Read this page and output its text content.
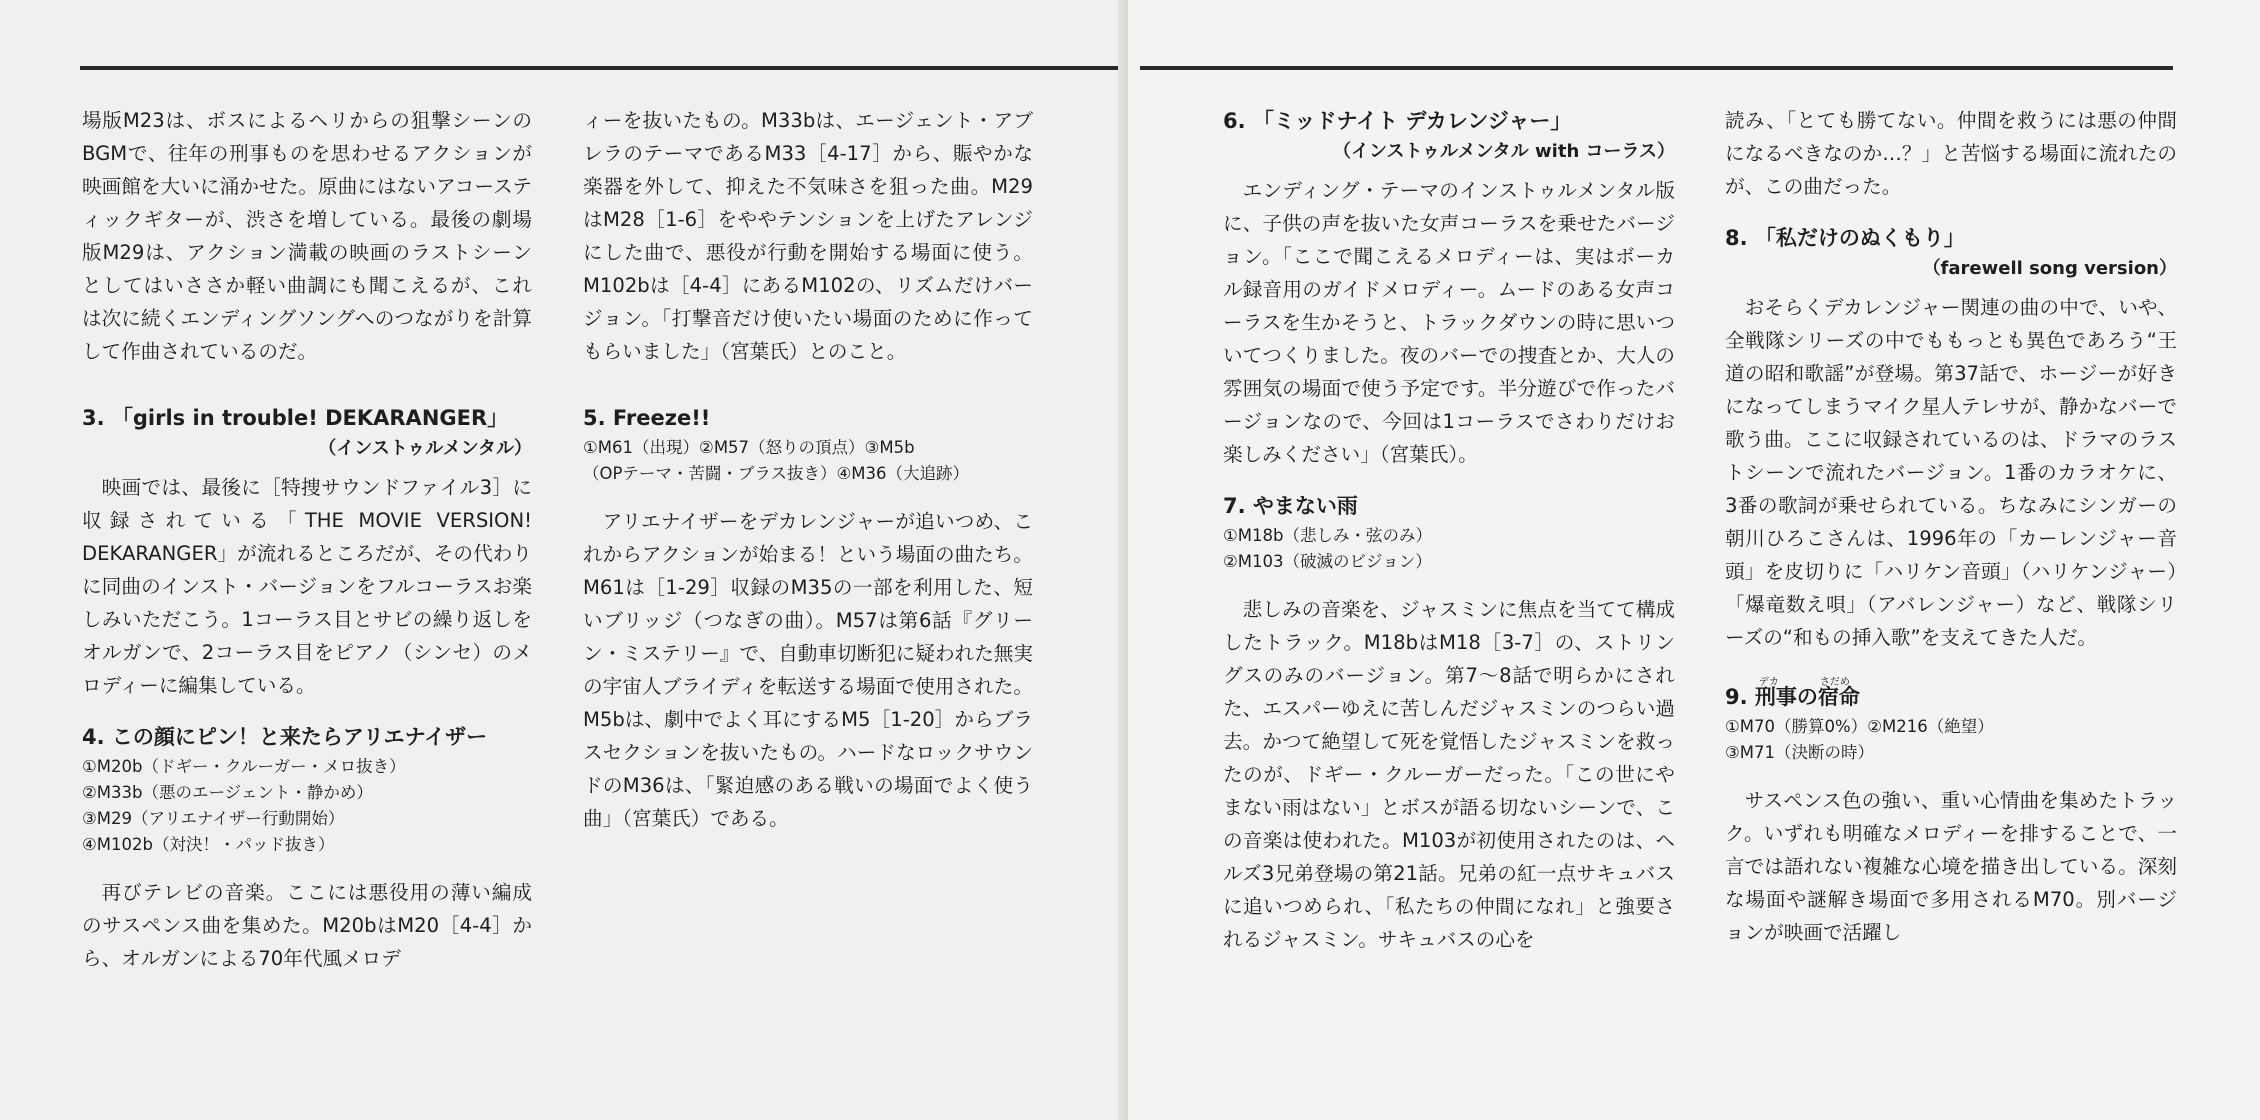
場版M23は、ボスによるヘリからの狙撃シーンのBGMで、往年の刑事ものを思わせるアクションが映画館を大いに涌かせた。原曲にはないアコースティックギターが、渋さを増している。最後の劇場版M29は、アクション満載の映画のラストシーンとしてはいささか軽い曲調にも聞こえるが、これは次に続くエンディングソングへのつながりを計算して作曲されているのだ。

3. 「girls in trouble! DEKARANGER」

（インストゥルメンタル）

映画では、最後に［特捜サウンドファイル3］に収録されている「THE MOVIE VERSION! DEKARANGER」が流れるところだが、その代わりに同曲のインスト・バージョンをフルコーラスお楽しみいただこう。1コーラス目とサビの繰り返しをオルガンで、2コーラス目をピアノ（シンセ）のメロディーに編集している。

4. この顔にピン！と来たらアリエナイザー

①M20b（ドギー・クルーガー・メロ抜き）

②M33b（悪のエージェント・静かめ）

③M29（アリエナイザー行動開始）

④M102b（対決！・パッド抜き）

再びテレビの音楽。ここには悪役用の薄い編成のサスペンス曲を集めた。M20bはM20［4-4］から、オルガンによる70年代風メロデ

ィーを抜いたもの。M33bは、エージェント・アブレラのテーマであるM33［4-17］から、賑やかな楽器を外して、抑えた不気味さを狙った曲。M29はM28［1-6］をややテンションを上げたアレンジにした曲で、悪役が行動を開始する場面に使う。M102bは［4-4］にあるM102の、リズムだけバージョン。「打撃音だけ使いたい場面のために作ってもらいました」（宮葉氏）とのこと。

5. Freeze!!

①M61（出現）②M57（怒りの頂点）③M5b

（OPテーマ・苦闘・ブラス抜き）④M36（大追跡）

アリエナイザーをデカレンジャーが追いつめ、これからアクションが始まる！という場面の曲たち。M61は［1-29］収録のM35の一部を利用した、短いブリッジ（つなぎの曲）。M57は第6話『グリーン・ミステリー』で、自動車切断犯に疑われた無実の宇宙人ブライディを転送する場面で使用された。M5bは、劇中でよく耳にするM5［1-20］からブラスセクションを抜いたもの。ハードなロックサウンドのM36は、「緊迫感のある戦いの場面でよく使う曲」（宮葉氏）である。

6. 「ミッドナイト デカレンジャー」

（インストゥルメンタル with コーラス）

エンディング・テーマのインストゥルメンタル版に、子供の声を抜いた女声コーラスを乗せたバージョン。「ここで聞こえるメロディーは、実はボーカル録音用のガイドメロディー。ムードのある女声コーラスを生かそうと、トラックダウンの時に思いついてつくりました。夜のバーでの捜査とか、大人の雰囲気の場面で使う予定です。半分遊びで作ったバージョンなので、今回は1コーラスでさわりだけお楽しみください」（宮葉氏）。

7. やまない雨

①M18b（悲しみ・弦のみ）

②M103（破滅のビジョン）

悲しみの音楽を、ジャスミンに焦点を当てて構成したトラック。M18bはM18［3-7］の、ストリングスのみのバージョン。第7～8話で明らかにされた、エスパーゆえに苦しんだジャスミンのつらい過去。かつて絶望して死を覚悟したジャスミンを救ったのが、ドギー・クルーガーだった。「この世にやまない雨はない」とボスが語る切ないシーンで、この音楽は使われた。M103が初使用されたのは、ヘルズ3兄弟登場の第21話。兄弟の紅一点サキュバスに追いつめられ、「私たちの仲間になれ」と強要されるジャスミン。サキュバスの心を

読み、「とても勝てない。仲間を救うには悪の仲間になるべきなのか…？」と苦悩する場面に流れたのが、この曲だった。

8. 「私だけのぬくもり」

（farewell song version）

おそらくデカレンジャー関連の曲の中で、いや、全戦隊シリーズの中でももっとも異色であろう“王道の昭和歌謡”が登場。第37話で、ホージーが好きになってしまうマイク星人テレサが、静かなバーで歌う曲。ここに収録されているのは、ドラマのラストシーンで流れたバージョン。1番のカラオケに、3番の歌詞が乗せられている。ちなみにシンガーの朝川ひろこさんは、1996年の「カーレンジャー音頭」を皮切りに「ハリケン音頭」（ハリケンジャー）「爆竜数え唄」（アバレンジャー）など、戦隊シリーズの“和もの挿入歌”を支えてきた人だ。

9.
デカ
刑事の
さだめ
宿命

①M70（勝算0%）②M216（絶望）

③M71（決断の時）

サスペンス色の強い、重い心情曲を集めたトラック。いずれも明確なメロディーを排することで、一言では語れない複雑な心境を描き出している。深刻な場面や謎解き場面で多用されるM70。別バージョンが映画で活躍し
